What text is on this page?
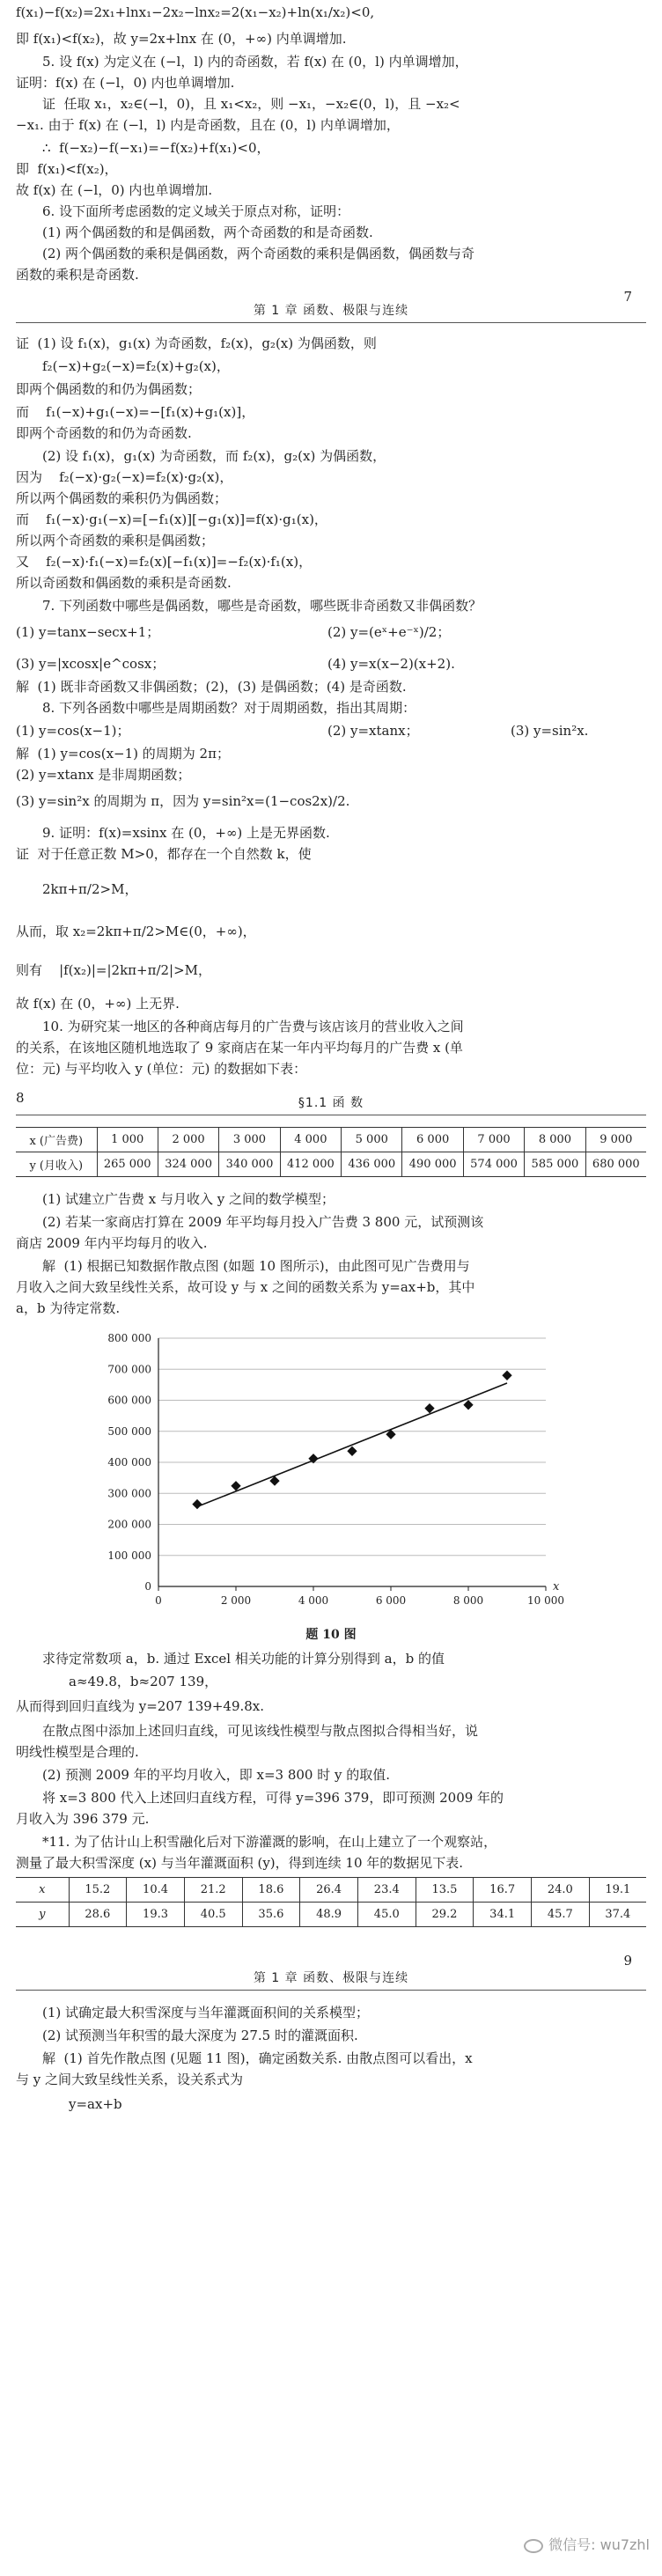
f(x₁)−f(x₂)=2x₁+lnx₁−2x₂−lnx₂=2(x₁−x₂)+ln(x₁/x₂)<0,
即 f(x₁)<f(x₂)，故 y=2x+lnx 在 (0，+∞) 内单调增加.
5. 设 f(x) 为定义在 (−l，l) 内的奇函数，若 f(x) 在 (0，l) 内单调增加，
证明：f(x) 在 (−l，0) 内也单调增加.
证  任取 x₁，x₂∈(−l，0)，且 x₁<x₂，则 −x₁，−x₂∈(0，l)，且 −x₂<
−x₁. 由于 f(x) 在 (−l，l) 内是奇函数，且在 (0，l) 内单调增加，
∴  f(−x₂)−f(−x₁)=−f(x₂)+f(x₁)<0，
即  f(x₁)<f(x₂)，
故 f(x) 在 (−l，0) 内也单调增加.
6. 设下面所考虑函数的定义域关于原点对称，证明：
(1) 两个偶函数的和是偶函数，两个奇函数的和是奇函数.
(2) 两个偶函数的乘积是偶函数，两个奇函数的乘积是偶函数，偶函数与奇
函数的乘积是奇函数.
第 1 章 函数、极限与连续
7
证  (1) 设 f₁(x)，g₁(x) 为奇函数，f₂(x)，g₂(x) 为偶函数，则
f₂(−x)+g₂(−x)=f₂(x)+g₂(x)，
即两个偶函数的和仍为偶函数；
而    f₁(−x)+g₁(−x)=−[f₁(x)+g₁(x)]，
即两个奇函数的和仍为奇函数.
(2) 设 f₁(x)，g₁(x) 为奇函数，而 f₂(x)，g₂(x) 为偶函数，
因为    f₂(−x)·g₂(−x)=f₂(x)·g₂(x)，
所以两个偶函数的乘积仍为偶函数；
而    f₁(−x)·g₁(−x)=[−f₁(x)][−g₁(x)]=f(x)·g₁(x)，
所以两个奇函数的乘积是偶函数；
又    f₂(−x)·f₁(−x)=f₂(x)[−f₁(x)]=−f₂(x)·f₁(x)，
所以奇函数和偶函数的乘积是奇函数.
7. 下列函数中哪些是偶函数，哪些是奇函数，哪些既非奇函数又非偶函数？
(1) y=tanx−secx+1；	(2) y=(eˣ+e⁻ˣ)/2；
(3) y=|xcosx|e^cosx；	(4) y=x(x−2)(x+2).
解  (1) 既非奇函数又非偶函数；(2)，(3) 是偶函数；(4) 是奇函数.
8. 下列各函数中哪些是周期函数？对于周期函数，指出其周期：
(1) y=cos(x−1)；	(2) y=xtanx；	(3) y=sin²x.
解  (1) y=cos(x−1) 的周期为 2π；
(2) y=xtanx 是非周期函数；
(3) y=sin²x 的周期为 π，因为 y=sin²x=(1−cos2x)/2.
9. 证明：f(x)=xsinx 在 (0，+∞) 上是无界函数.
证  对于任意正数 M>0，都存在一个自然数 k，使
2kπ+π/2>M，
从而，取 x₂=2kπ+π/2>M∈(0，+∞)，
则有    |f(x₂)|=|2kπ+π/2|>M，
故 f(x) 在 (0，+∞) 上无界.
10. 为研究某一地区的各种商店每月的广告费与该店该月的营业收入之间
的关系，在该地区随机地选取了 9 家商店在某一年内平均每月的广告费 x (单
位：元) 与平均收入 y (单位：元) 的数据如下表：
8	§1.1 函 数
x (广告费)	1 000	2 000	3 000	4 000	5 000	6 000	7 000	8 000	9 000
y (月收入)	265 000	324 000	340 000	412 000	436 000	490 000	574 000	585 000	680 000
(1) 试建立广告费 x 与月收入 y 之间的数学模型；
(2) 若某一家商店打算在 2009 年平均每月投入广告费 3 800 元，试预测该
商店 2009 年内平均每月的收入.
解  (1) 根据已知数据作散点图 (如题 10 图所示)，由此图可见广告费用与
月收入之间大致呈线性关系，故可设 y 与 x 之间的函数关系为 y=ax+b，其中
a，b 为待定常数.
0
100 000
200 000
300 000
400 000
500 000
600 000
700 000
800 000
0	2 000	4 000	6 000	8 000	10 000
x
题 10 图
求待定常数项 a，b. 通过 Excel 相关功能的计算分别得到 a，b 的值
a≈49.8，b≈207 139，
从而得到回归直线为 y=207 139+49.8x.
在散点图中添加上述回归直线，可见该线性模型与散点图拟合得相当好，说
明线性模型是合理的.
(2) 预测 2009 年的平均月收入，即 x=3 800 时 y 的取值.
将 x=3 800 代入上述回归直线方程，可得 y=396 379，即可预测 2009 年的
月收入为 396 379 元.
*11. 为了估计山上积雪融化后对下游灌溉的影响，在山上建立了一个观察站，
测量了最大积雪深度 (x) 与当年灌溉面积 (y)，得到连续 10 年的数据见下表.
x	15.2	10.4	21.2	18.6	26.4	23.4	13.5	16.7	24.0	19.1
y	28.6	19.3	40.5	35.6	48.9	45.0	29.2	34.1	45.7	37.4
第 1 章 函数、极限与连续
9
(1) 试确定最大积雪深度与当年灌溉面积间的关系模型；
(2) 试预测当年积雪的最大深度为 27.5 时的灌溉面积.
解  (1) 首先作散点图 (见题 11 图)，确定函数关系. 由散点图可以看出，x
与 y 之间大致呈线性关系，设关系式为
y=ax+b
微信号: wu7zhl
